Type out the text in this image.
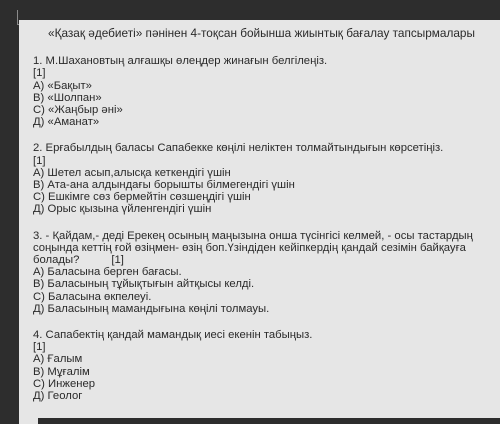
«Қазақ әдебиеті» пәнінен 4-тоқсан бойынша жиынтық бағалау тапсырмалары
1. М.Шахановтың алғашқы өлеңдер жинағын белгілеңіз.
[1]
A) «Бақыт»
B) «Шолпан»
C) «Жаңбыр әні»
Д) «Аманат»
2. Ерғабылдың баласы Сапабекке көңілі неліктен толмайтындығын көрсетіңіз.
[1]
A) Шетел асып,алысқа кеткендігі үшін
B) Ата-ана алдындағы борышты білмегендігі үшін
C) Ешкімге сөз бермейтін сөзшеңдігі үшін
Д) Орыс қызына үйленгендігі үшін
3. - Қайдам,- деді Ерекең осының маңызына онша түсінгісі келмей, - осы тастардың
соңында кеттің ғой өзіңмен- өзің боп.Үзіндіден кейіпкердің қандай сезімін байқауға
болады?	[1]
A) Баласына берген бағасы.
B) Баласының тұйықтығын айтқысы келді.
C) Баласына өкпелеуі.
Д) Баласының мамандығына көңілі толмауы.
4. Сапабектің қандай мамандық иесі екенін табыңыз.
[1]
A) Ғалым
B) Мұғалім
C) Инженер
Д) Геолог
